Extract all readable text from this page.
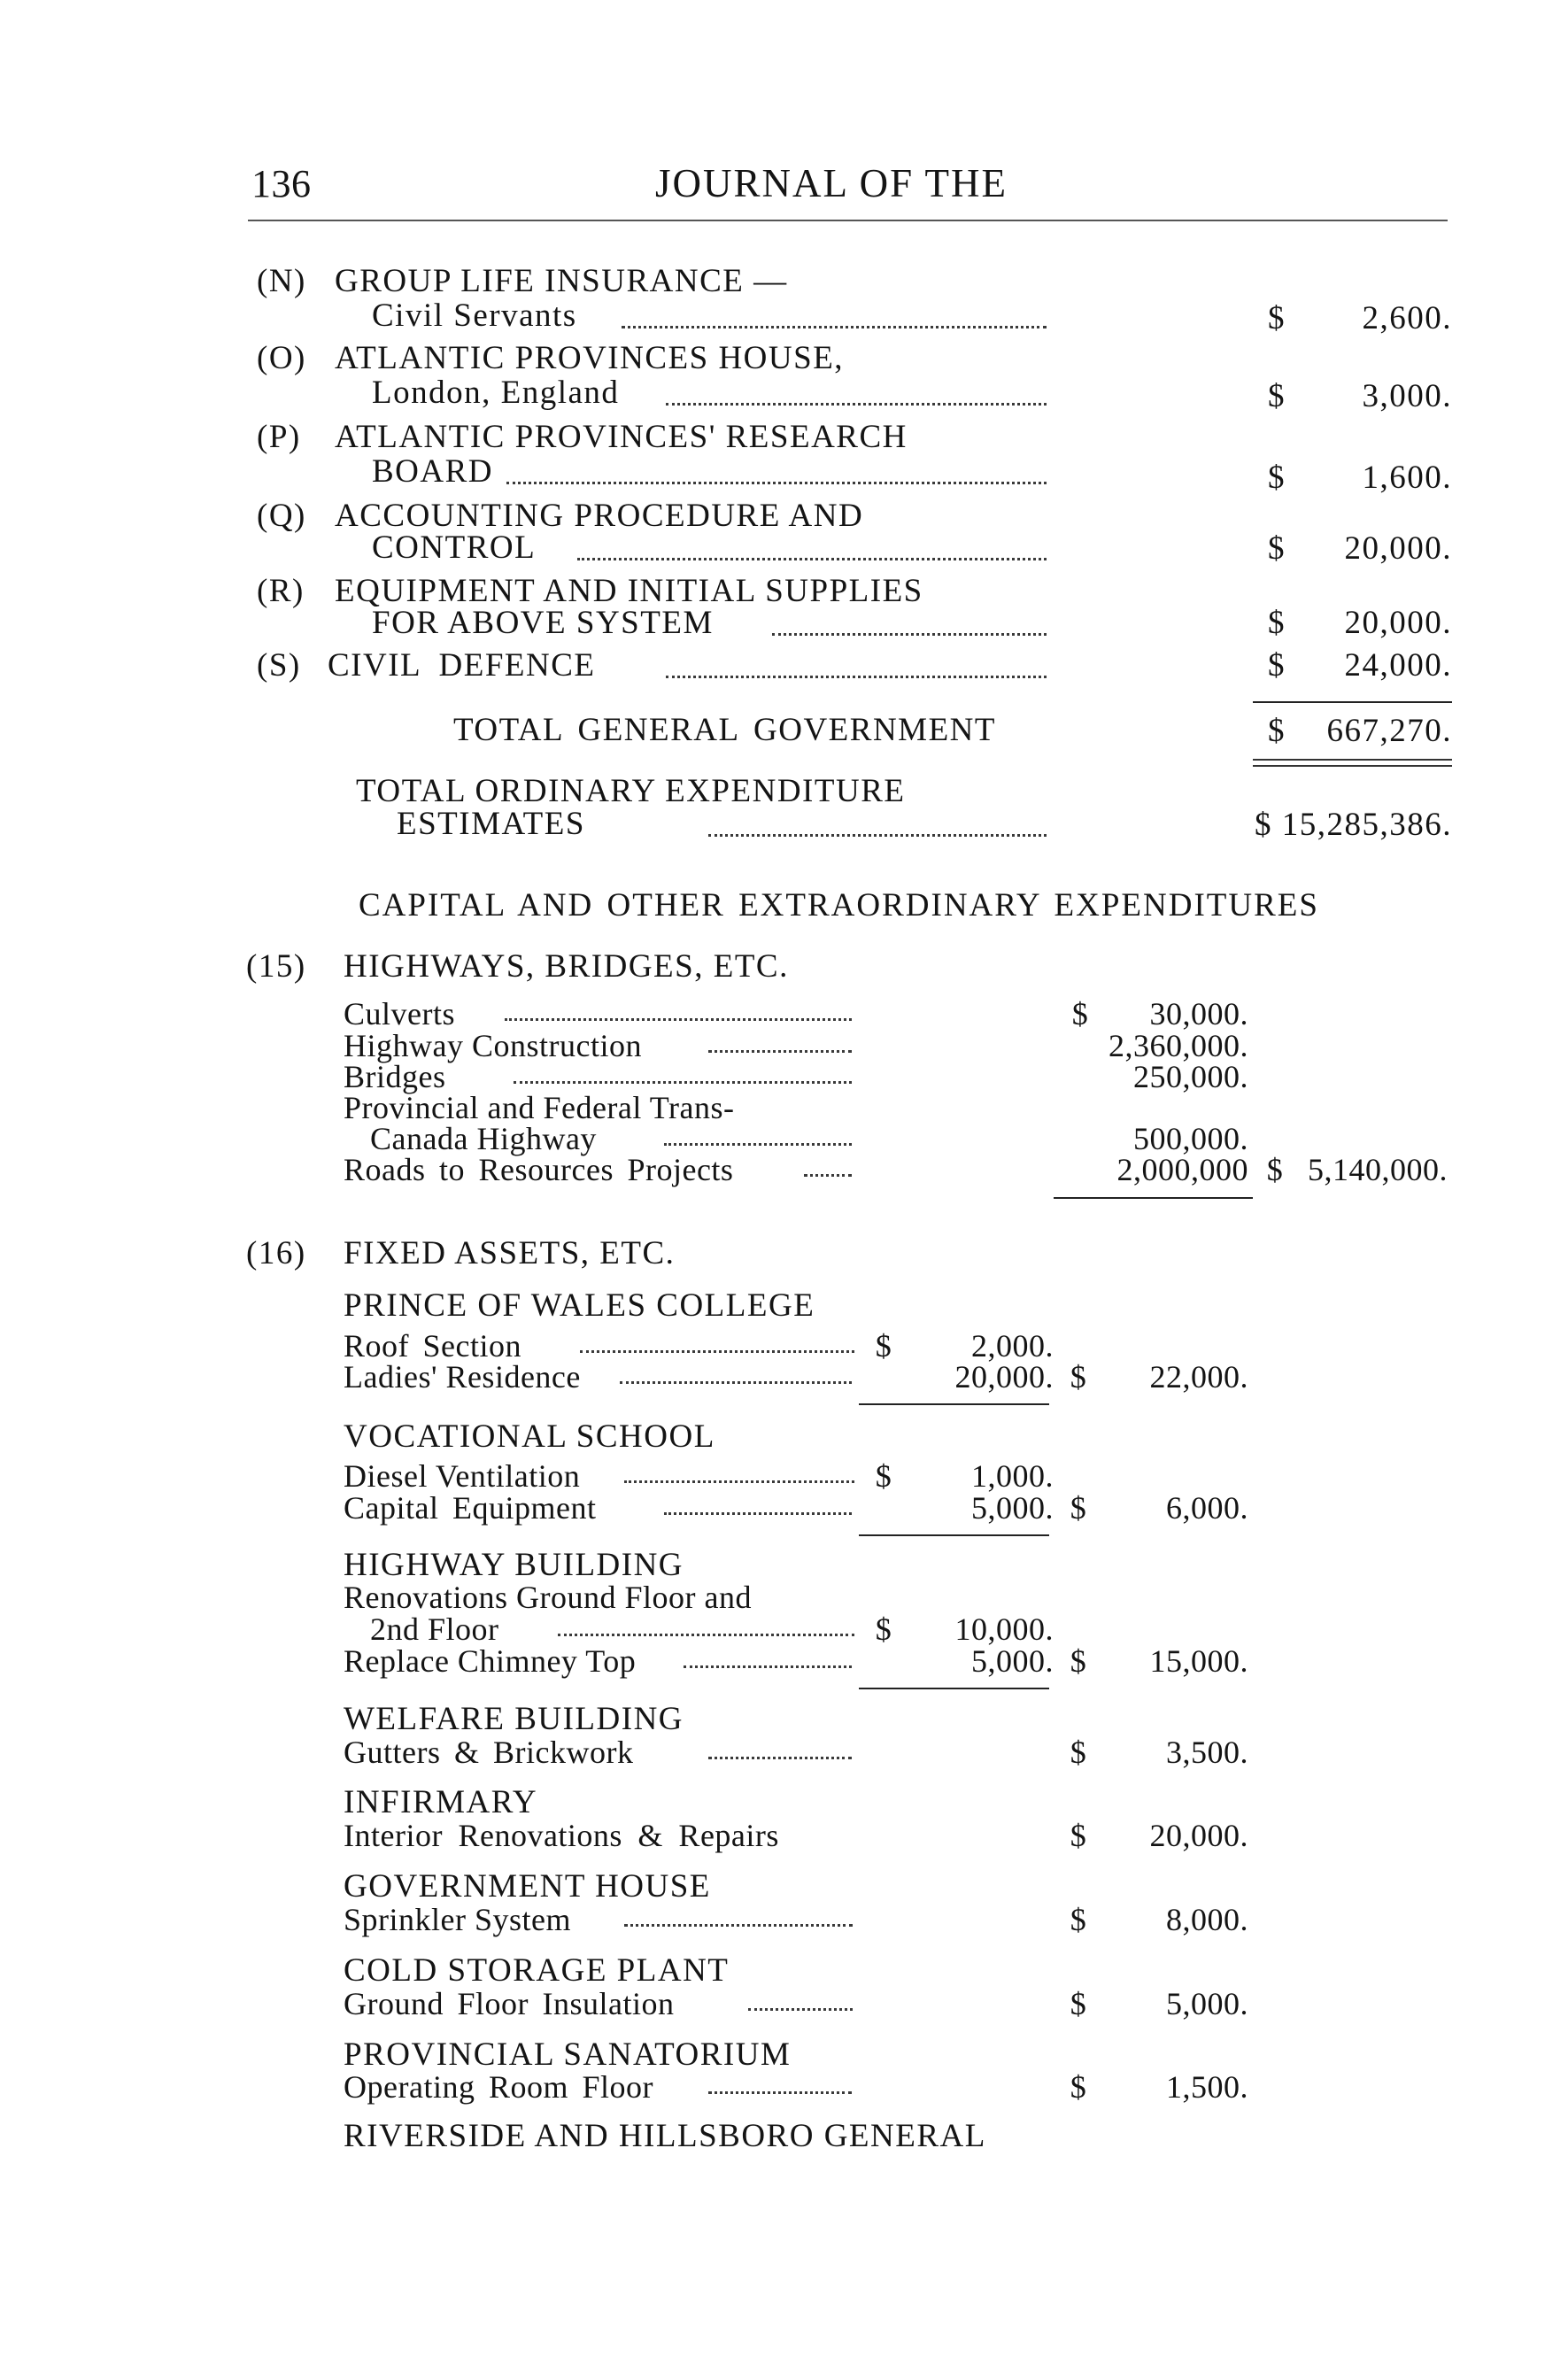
136	JOURNAL OF THE
(N) GROUP LIFE INSURANCE —
Civil Servants	$	2,600.
(O) ATLANTIC PROVINCES HOUSE,
London, England	$	3,000.
(P) ATLANTIC PROVINCES' RESEARCH
BOARD	$	1,600.
(Q) ACCOUNTING PROCEDURE AND
CONTROL	$	20,000.
(R) EQUIPMENT AND INITIAL SUPPLIES
FOR ABOVE SYSTEM	$	20,000.
(S) CIVIL DEFENCE	$	24,000.
TOTAL GENERAL GOVERNMENT	$	667,270.
TOTAL ORDINARY EXPENDITURE
ESTIMATES	$ 15,285,386.
CAPITAL AND OTHER EXTRAORDINARY EXPENDITURES
(15) HIGHWAYS, BRIDGES, ETC.
Culverts	$	30,000.
Highway Construction	2,360,000.
Bridges	250,000.
Provincial and Federal Trans-
Canada Highway	500,000.
Roads to Resources Projects	2,000,000 $ 5,140,000.
(16) FIXED ASSETS, ETC.
PRINCE OF WALES COLLEGE
Roof Section	$	2,000.
Ladies' Residence	20,000. $	22,000.
VOCATIONAL SCHOOL
Diesel Ventilation	$	1,000.
Capital Equipment	5,000. $	6,000.
HIGHWAY BUILDING
Renovations Ground Floor and
2nd Floor	$	10,000.
Replace Chimney Top	5,000. $	15,000.
WELFARE BUILDING
Gutters & Brickwork	$	3,500.
INFIRMARY
Interior Renovations & Repairs	$	20,000.
GOVERNMENT HOUSE
Sprinkler System	$	8,000.
COLD STORAGE PLANT
Ground Floor Insulation	$	5,000.
PROVINCIAL SANATORIUM
Operating Room Floor	$	1,500.
RIVERSIDE AND HILLSBORO GENERAL
